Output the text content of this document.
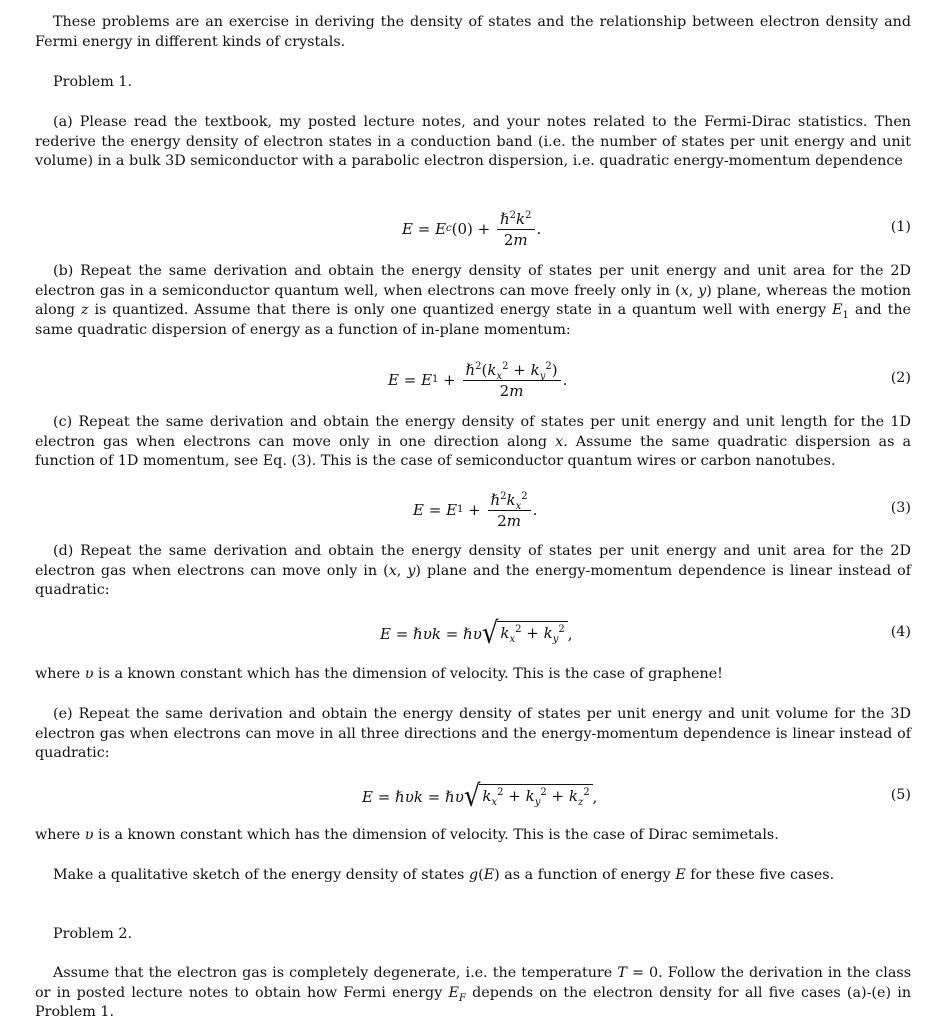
These problems are an exercise in deriving the density of states and the relationship between electron density and Fermi energy in different kinds of crystals.

Problem 1.

(a) Please read the textbook, my posted lecture notes, and your notes related to the Fermi-Dirac statistics. Then rederive the energy density of electron states in a conduction band (i.e. the number of states per unit energy and unit volume) in a bulk 3D semiconductor with a parabolic electron dispersion, i.e. quadratic energy-momentum dependence

E = E c $(0) + \frac{\hbar^2k^2}{2m}$ .	(1)

(b) Repeat the same derivation and obtain the energy density of states per unit energy and unit area for the 2D electron gas in a semiconductor quantum well, when electrons can move freely only in (x, y) plane, whereas the motion along z is quantized. Assume that there is only one quantized energy state in a quantum well with energy $E_1$ and the same quadratic dispersion of energy as a function of in-plane momentum:

E = E $1 + \frac{\hbar^2(k_x^2 + k_y^2)}{2m}$ .	(2)

(c) Repeat the same derivation and obtain the energy density of states per unit energy and unit length for the 1D electron gas when electrons can move only in one direction along x. Assume the same quadratic dispersion as a function of 1D momentum, see Eq. (3). This is the case of semiconductor quantum wires or carbon nanotubes.

E = E $1 + \frac{\hbar^2k_x^2}{2m}$ .	(3)

(d) Repeat the same derivation and obtain the energy density of states per unit energy and unit area for the 2D electron gas when electrons can move only in (x, y) plane and the energy-momentum dependence is linear instead of quadratic:

E = ℏ υk = ℏ υ √ $k_x^2 + k_y^2$ ,	(4)

where υ is a known constant which has the dimension of velocity. This is the case of graphene!

(e) Repeat the same derivation and obtain the energy density of states per unit energy and unit volume for the 3D electron gas when electrons can move in all three directions and the energy-momentum dependence is linear instead of quadratic:

E = ℏ υk = ℏ υ √ $k_x^2 + k_y^2 + k_z^2$ ,	(5)

where υ is a known constant which has the dimension of velocity. This is the case of Dirac semimetals.

Make a qualitative sketch of the energy density of states g(E) as a function of energy E for these five cases.

Problem 2.

Assume that the electron gas is completely degenerate, i.e. the temperature T = 0. Follow the derivation in the class or in posted lecture notes to obtain how Fermi energy $E_F$ depends on the electron density for all five cases (a)-(e) in Problem 1.
